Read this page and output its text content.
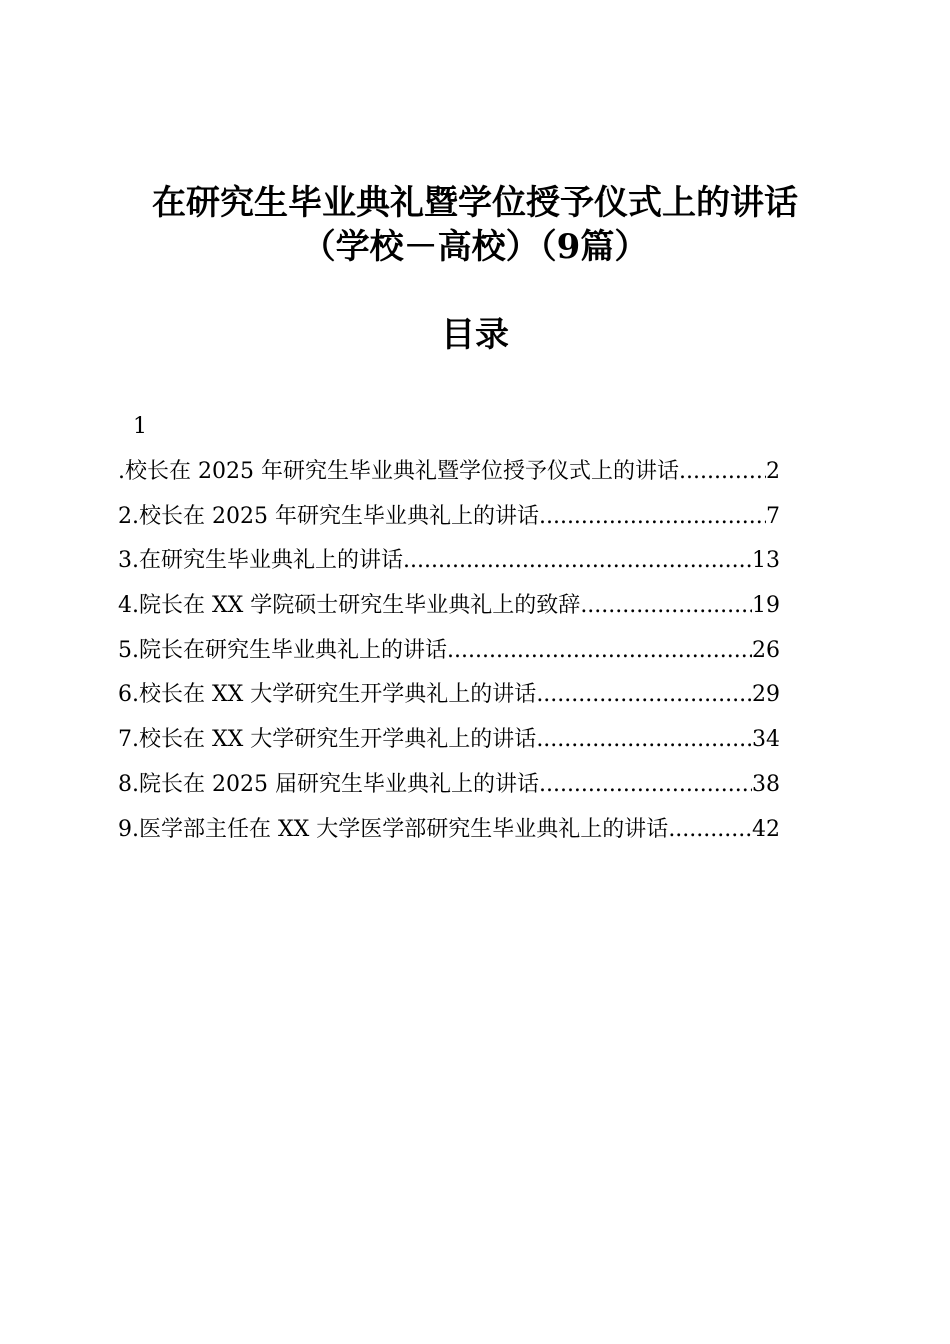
在研究生毕业典礼暨学位授予仪式上的讲话
（学校－高校）（9篇）
目录
1
.校长在 2025 年研究生毕业典礼暨学位授予仪式上的讲话 .....	2
2.校长在 2025 年研究生毕业典礼上的讲话 .....	7
3.在研究生毕业典礼上的讲话 .....	13
4.院长在 XX 学院硕士研究生毕业典礼上的致辞 .....	19
5.院长在研究生毕业典礼上的讲话 .....	26
6.校长在 XX 大学研究生开学典礼上的讲话 .....	29
7.校长在 XX 大学研究生开学典礼上的讲话 .....	34
8.院长在 2025 届研究生毕业典礼上的讲话 .....	38
9.医学部主任在 XX 大学医学部研究生毕业典礼上的讲话 .....	42
